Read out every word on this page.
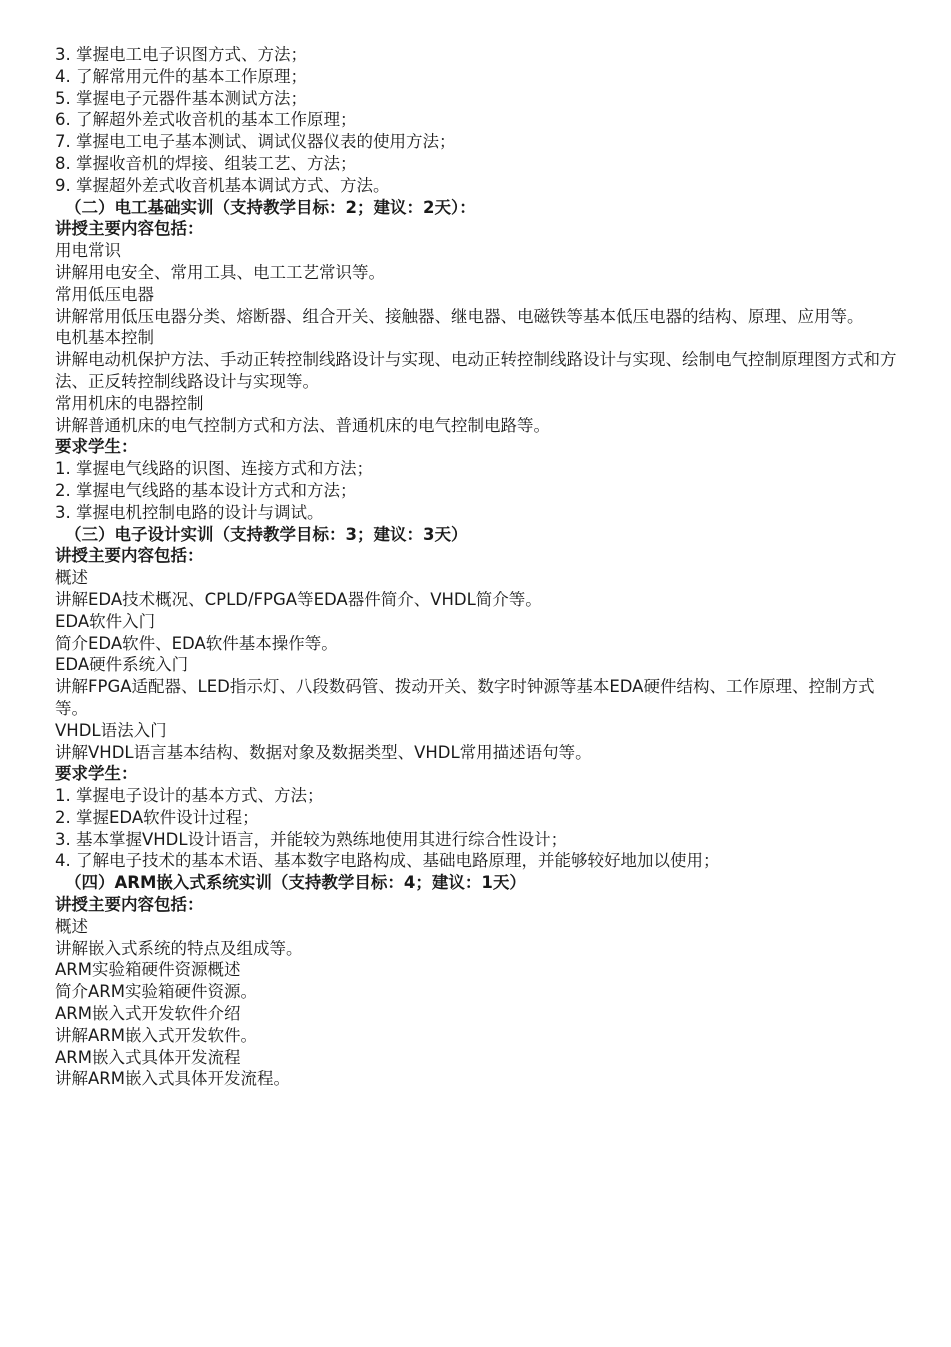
3. 掌握电工电子识图方式、方法；
4. 了解常用元件的基本工作原理；
5. 掌握电子元器件基本测试方法；
6. 了解超外差式收音机的基本工作原理；
7. 掌握电工电子基本测试、调试仪器仪表的使用方法；
8. 掌握收音机的焊接、组装工艺、方法；
9. 掌握超外差式收音机基本调试方式、方法。
（二）电工基础实训（支持教学目标：2；建议：2天）：
讲授主要内容包括：
用电常识
讲解用电安全、常用工具、电工工艺常识等。
常用低压电器
讲解常用低压电器分类、熔断器、组合开关、接触器、继电器、电磁铁等基本低压电器的结构、原理、应用等。
电机基本控制
讲解电动机保护方法、手动正转控制线路设计与实现、电动正转控制线路设计与实现、绘制电气控制原理图方式和方法、正反转控制线路设计与实现等。
常用机床的电器控制
讲解普通机床的电气控制方式和方法、普通机床的电气控制电路等。
要求学生：
1. 掌握电气线路的识图、连接方式和方法；
2. 掌握电气线路的基本设计方式和方法；
3. 掌握电机控制电路的设计与调试。
（三）电子设计实训（支持教学目标：3；建议：3天）
讲授主要内容包括：
概述
讲解EDA技术概况、CPLD/FPGA等EDA器件简介、VHDL简介等。
EDA软件入门
简介EDA软件、EDA软件基本操作等。
EDA硬件系统入门
讲解FPGA适配器、LED指示灯、八段数码管、拨动开关、数字时钟源等基本EDA硬件结构、工作原理、控制方式等。
VHDL语法入门
讲解VHDL语言基本结构、数据对象及数据类型、VHDL常用描述语句等。
要求学生：
1. 掌握电子设计的基本方式、方法；
2. 掌握EDA软件设计过程；
3. 基本掌握VHDL设计语言，并能较为熟练地使用其进行综合性设计；
4. 了解电子技术的基本术语、基本数字电路构成、基础电路原理，并能够较好地加以使用；
（四）ARM嵌入式系统实训（支持教学目标：4；建议：1天）
讲授主要内容包括：
概述
讲解嵌入式系统的特点及组成等。
ARM实验箱硬件资源概述
简介ARM实验箱硬件资源。
ARM嵌入式开发软件介绍
讲解ARM嵌入式开发软件。
ARM嵌入式具体开发流程
讲解ARM嵌入式具体开发流程。
